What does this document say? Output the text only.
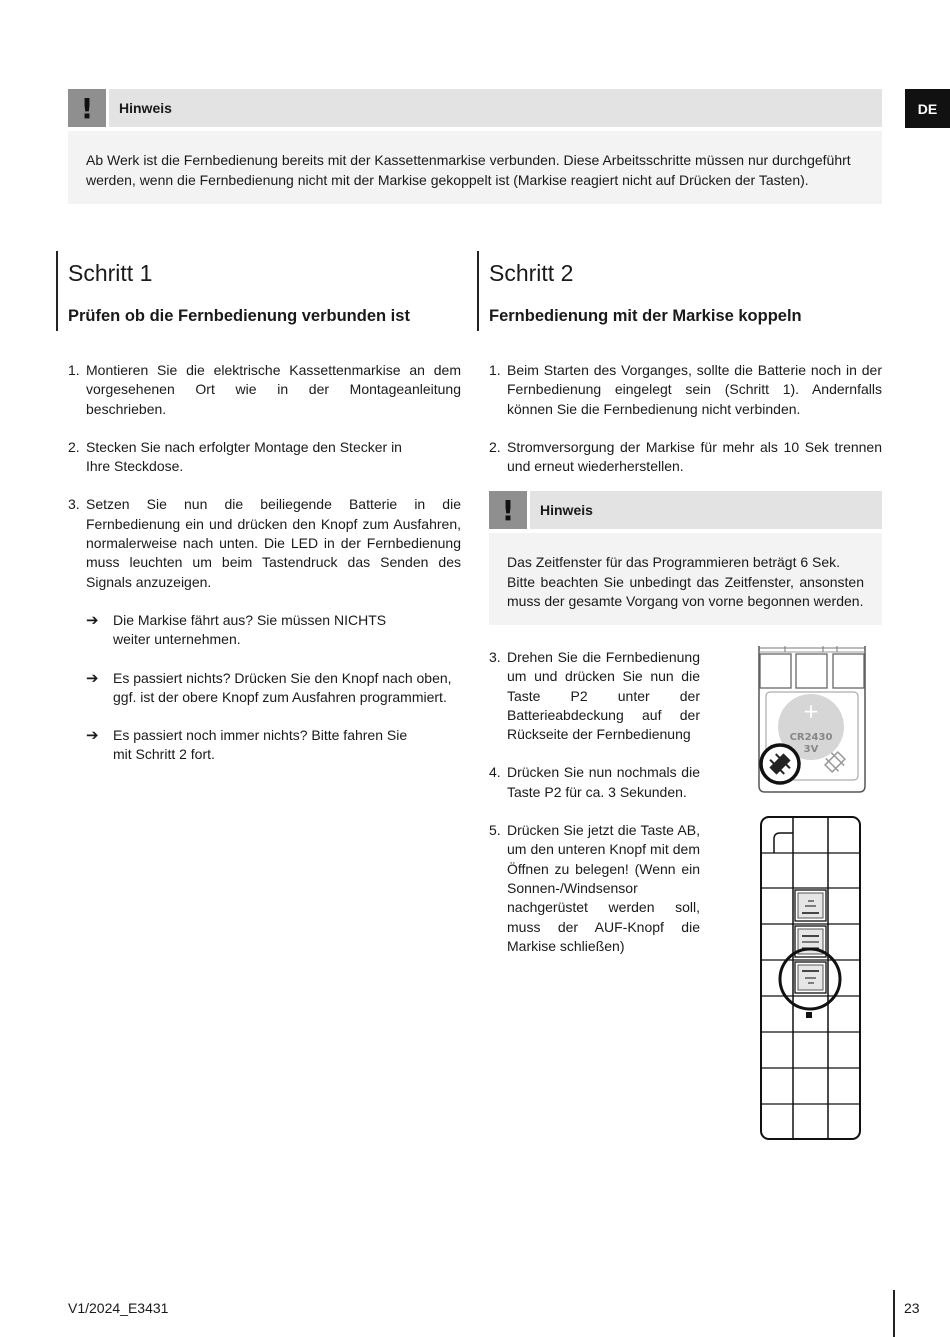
DE
!	Hinweis

Ab Werk ist die Fernbedienung bereits mit der Kassettenmarkise verbunden. Diese Arbeitsschritte müssen nur durchgeführt werden, wenn die Fernbedienung nicht mit der Markise gekoppelt ist (Markise reagiert nicht auf Drücken der Tasten).

Schritt 1
Prüfen ob die Fernbedienung verbunden ist
Schritt 2
Fernbedienung mit der Markise koppeln
1. Montieren Sie die elektrische Kassettenmarkise an dem vorgesehenen Ort wie in der Montageanleitung beschrieben.
2. Stecken Sie nach erfolgter Montage den Stecker in Ihre Steckdose.
3. Setzen Sie nun die beiliegende Batterie in die Fernbedienung ein und drücken den Knopf zum Ausfahren, normalerweise nach unten. Die LED in der Fernbedienung muss leuchten um beim Tastendruck das Senden des Signals anzuzeigen.
➔	Die Markise fährt aus? Sie müssen NICHTS weiter unternehmen.
➔	Es passiert nichts? Drücken Sie den Knopf nach oben, ggf. ist der obere Knopf zum Ausfahren programmiert.
➔	Es passiert noch immer nichts? Bitte fahren Sie mit Schritt 2 fort.
1. Beim Starten des Vorganges, sollte die Batterie noch in der Fernbedienung eingelegt sein (Schritt 1). Andernfalls können Sie die Fernbedienung nicht verbinden.
2. Stromversorgung der Markise für mehr als 10 Sek trennen und erneut wiederherstellen.
!	Hinweis

Das Zeitfenster für das Programmieren beträgt 6 Sek.

Bitte beachten Sie unbedingt das Zeitfenster, ansonsten muss der gesamte Vorgang von vorne begonnen werden.

3. Drehen Sie die Fernbedienung um und drücken Sie nun die Taste P2 unter der Batterieabdeckung auf der Rückseite der Fernbedienung
4. Drücken Sie nun nochmals die Taste P2 für ca. 3 Sekunden.
5. Drücken Sie jetzt die Taste AB, um den unteren Knopf mit dem Öffnen zu belegen! (Wenn ein Sonnen-/Windsensor nachgerüstet werden soll, muss der AUF-Knopf die Markise schließen)
+
CR2430
3V
V1/2024_E3431	23
